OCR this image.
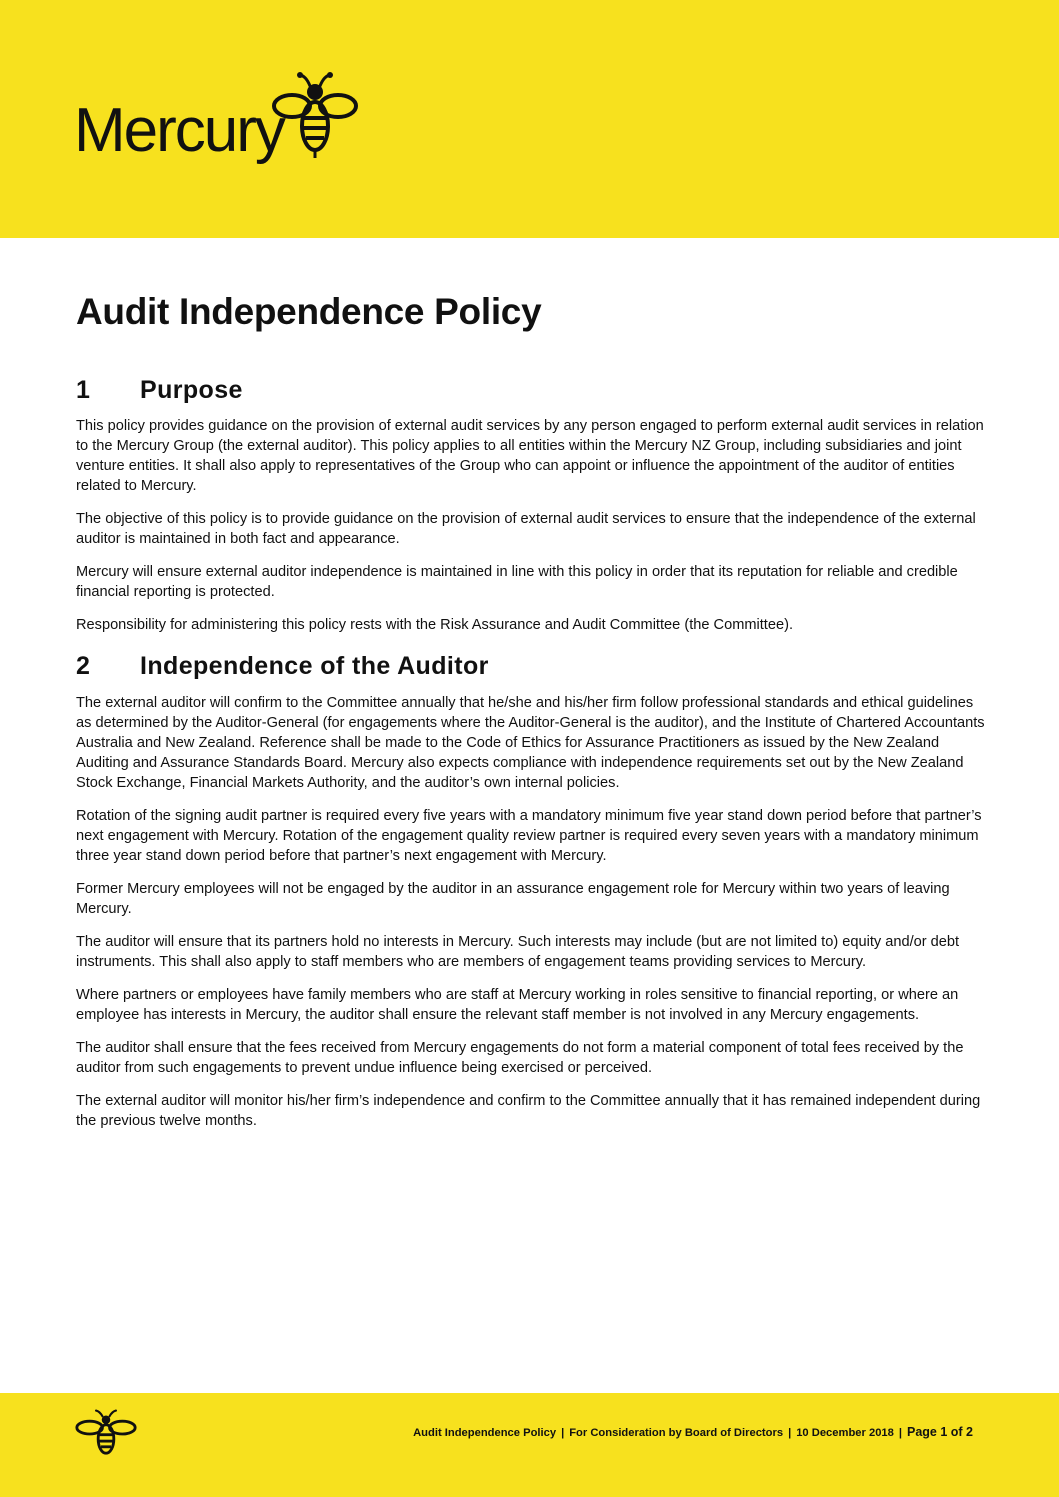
Mercury
Audit Independence Policy
1	Purpose

This policy provides guidance on the provision of external audit services by any person engaged to perform external audit services in relation to the Mercury Group (the external auditor). This policy applies to all entities within the Mercury NZ Group, including subsidiaries and joint venture entities. It shall also apply to representatives of the Group who can appoint or influence the appointment of the auditor of entities related to Mercury.

The objective of this policy is to provide guidance on the provision of external audit services to ensure that the independence of the external auditor is maintained in both fact and appearance.

Mercury will ensure external auditor independence is maintained in line with this policy in order that its reputation for reliable and credible financial reporting is protected.

Responsibility for administering this policy rests with the Risk Assurance and Audit Committee (the Committee).

2	Independence of the Auditor

The external auditor will confirm to the Committee annually that he/she and his/her firm follow professional standards and ethical guidelines as determined by the Auditor-General (for engagements where the Auditor-General is the auditor), and the Institute of Chartered Accountants Australia and New Zealand. Reference shall be made to the Code of Ethics for Assurance Practitioners as issued by the New Zealand Auditing and Assurance Standards Board. Mercury also expects compliance with independence requirements set out by the New Zealand Stock Exchange, Financial Markets Authority, and the auditor’s own internal policies.

Rotation of the signing audit partner is required every five years with a mandatory minimum five year stand down period before that partner’s next engagement with Mercury. Rotation of the engagement quality review partner is required every seven years with a mandatory minimum three year stand down period before that partner’s next engagement with Mercury.

Former Mercury employees will not be engaged by the auditor in an assurance engagement role for Mercury within two years of leaving Mercury.

The auditor will ensure that its partners hold no interests in Mercury. Such interests may include (but are not limited to) equity and/or debt instruments. This shall also apply to staff members who are members of engagement teams providing services to Mercury.

Where partners or employees have family members who are staff at Mercury working in roles sensitive to financial reporting, or where an employee has interests in Mercury, the auditor shall ensure the relevant staff member is not involved in any Mercury engagements.

The auditor shall ensure that the fees received from Mercury engagements do not form a material component of total fees received by the auditor from such engagements to prevent undue influence being exercised or perceived.

The external auditor will monitor his/her firm’s independence and confirm to the Committee annually that it has remained independent during the previous twelve months.

Audit Independence Policy | For Consideration by Board of Directors | 10 December 2018 | Page 1 of 2
